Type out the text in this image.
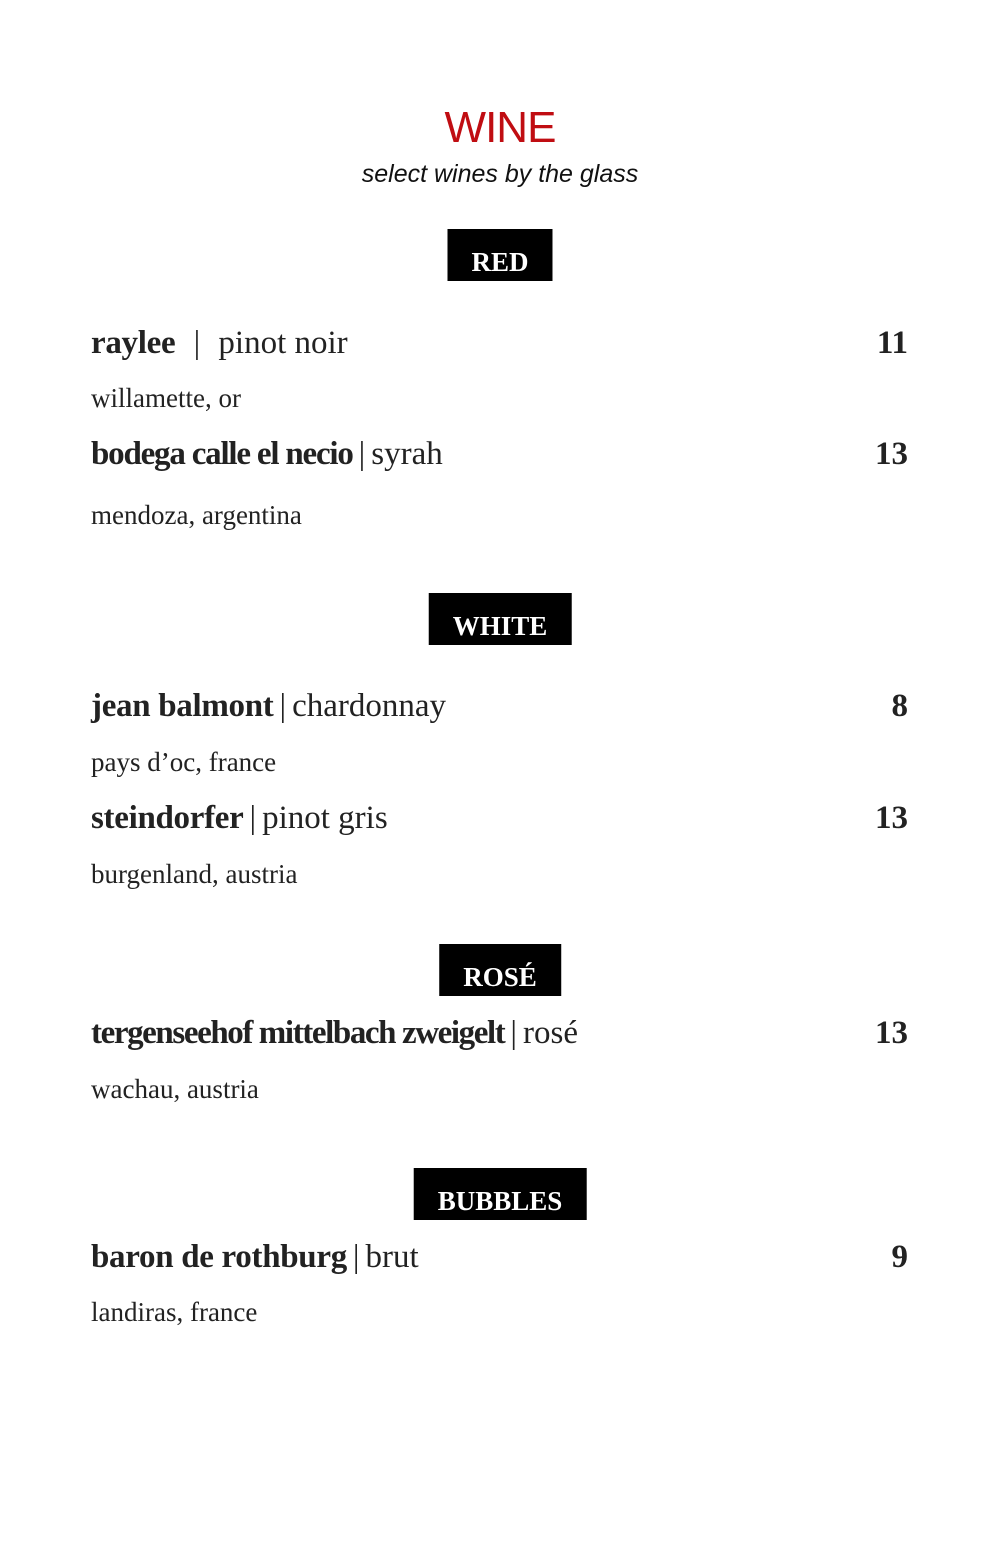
WINE
select wines by the glass
RED
raylee | pinot noir	11
willamette, or
bodega calle el necio | syrah	13
mendoza, argentina
WHITE
jean balmont | chardonnay	8
pays d’oc, france
steindorfer | pinot gris	13
burgenland, austria
ROSÉ
tergenseehof mittelbach zweigelt | rosé	13
wachau, austria
BUBBLES
baron de rothburg | brut	9
landiras, france
